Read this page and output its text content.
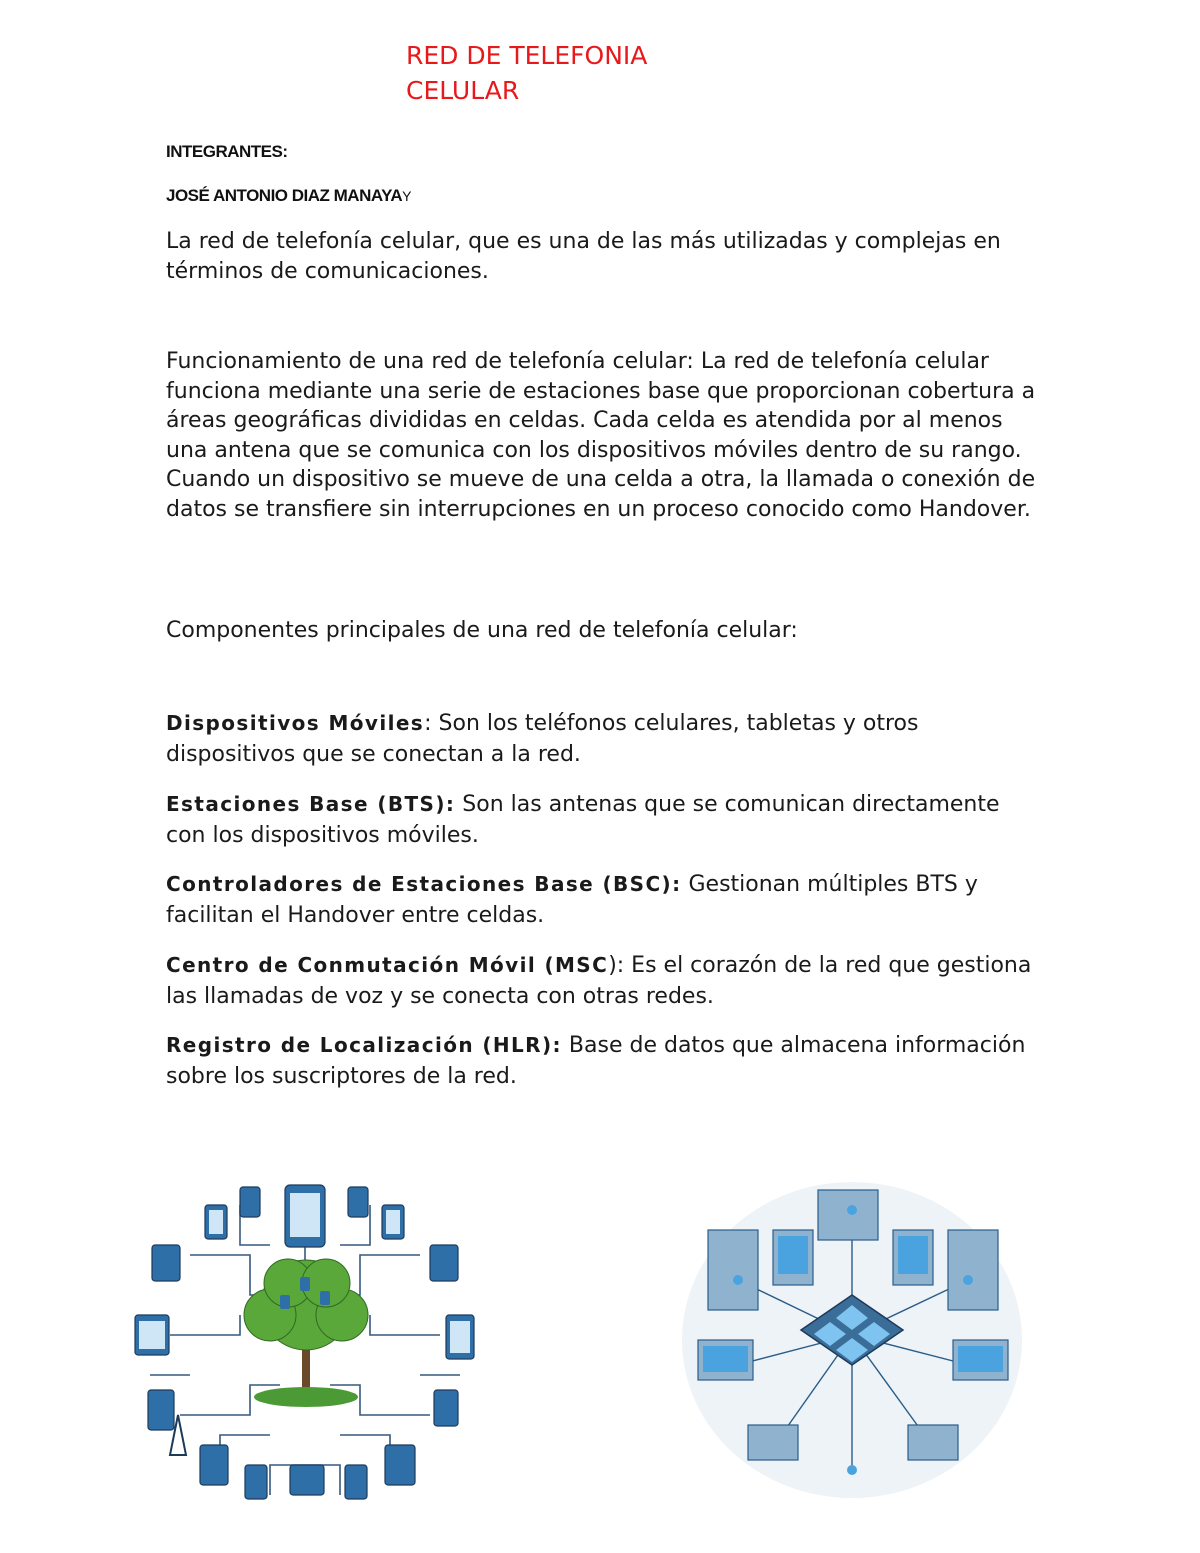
RED DE TELEFONIA
CELULAR
INTEGRANTES:
JOSÉ ANTONIO DIAZ MANAYAY

La red de telefonía celular, que es una de las más utilizadas y complejas en términos de comunicaciones.

Funcionamiento de una red de telefonía celular: La red de telefonía celular funciona mediante una serie de estaciones base que proporcionan cobertura a áreas geográficas divididas en celdas. Cada celda es atendida por al menos una antena que se comunica con los dispositivos móviles dentro de su rango. Cuando un dispositivo se mueve de una celda a otra, la llamada o conexión de datos se transfiere sin interrupciones en un proceso conocido como Handover.

Componentes principales de una red de telefonía celular:

Dispositivos Móviles: Son los teléfonos celulares, tabletas y otros dispositivos que se conectan a la red.

Estaciones Base (BTS): Son las antenas que se comunican directamente con los dispositivos móviles.

Controladores de Estaciones Base (BSC): Gestionan múltiples BTS y facilitan el Handover entre celdas.

Centro de Conmutación Móvil (MSC): Es el corazón de la red que gestiona las llamadas de voz y se conecta con otras redes.

Registro de Localización (HLR): Base de datos que almacena información sobre los suscriptores de la red.
